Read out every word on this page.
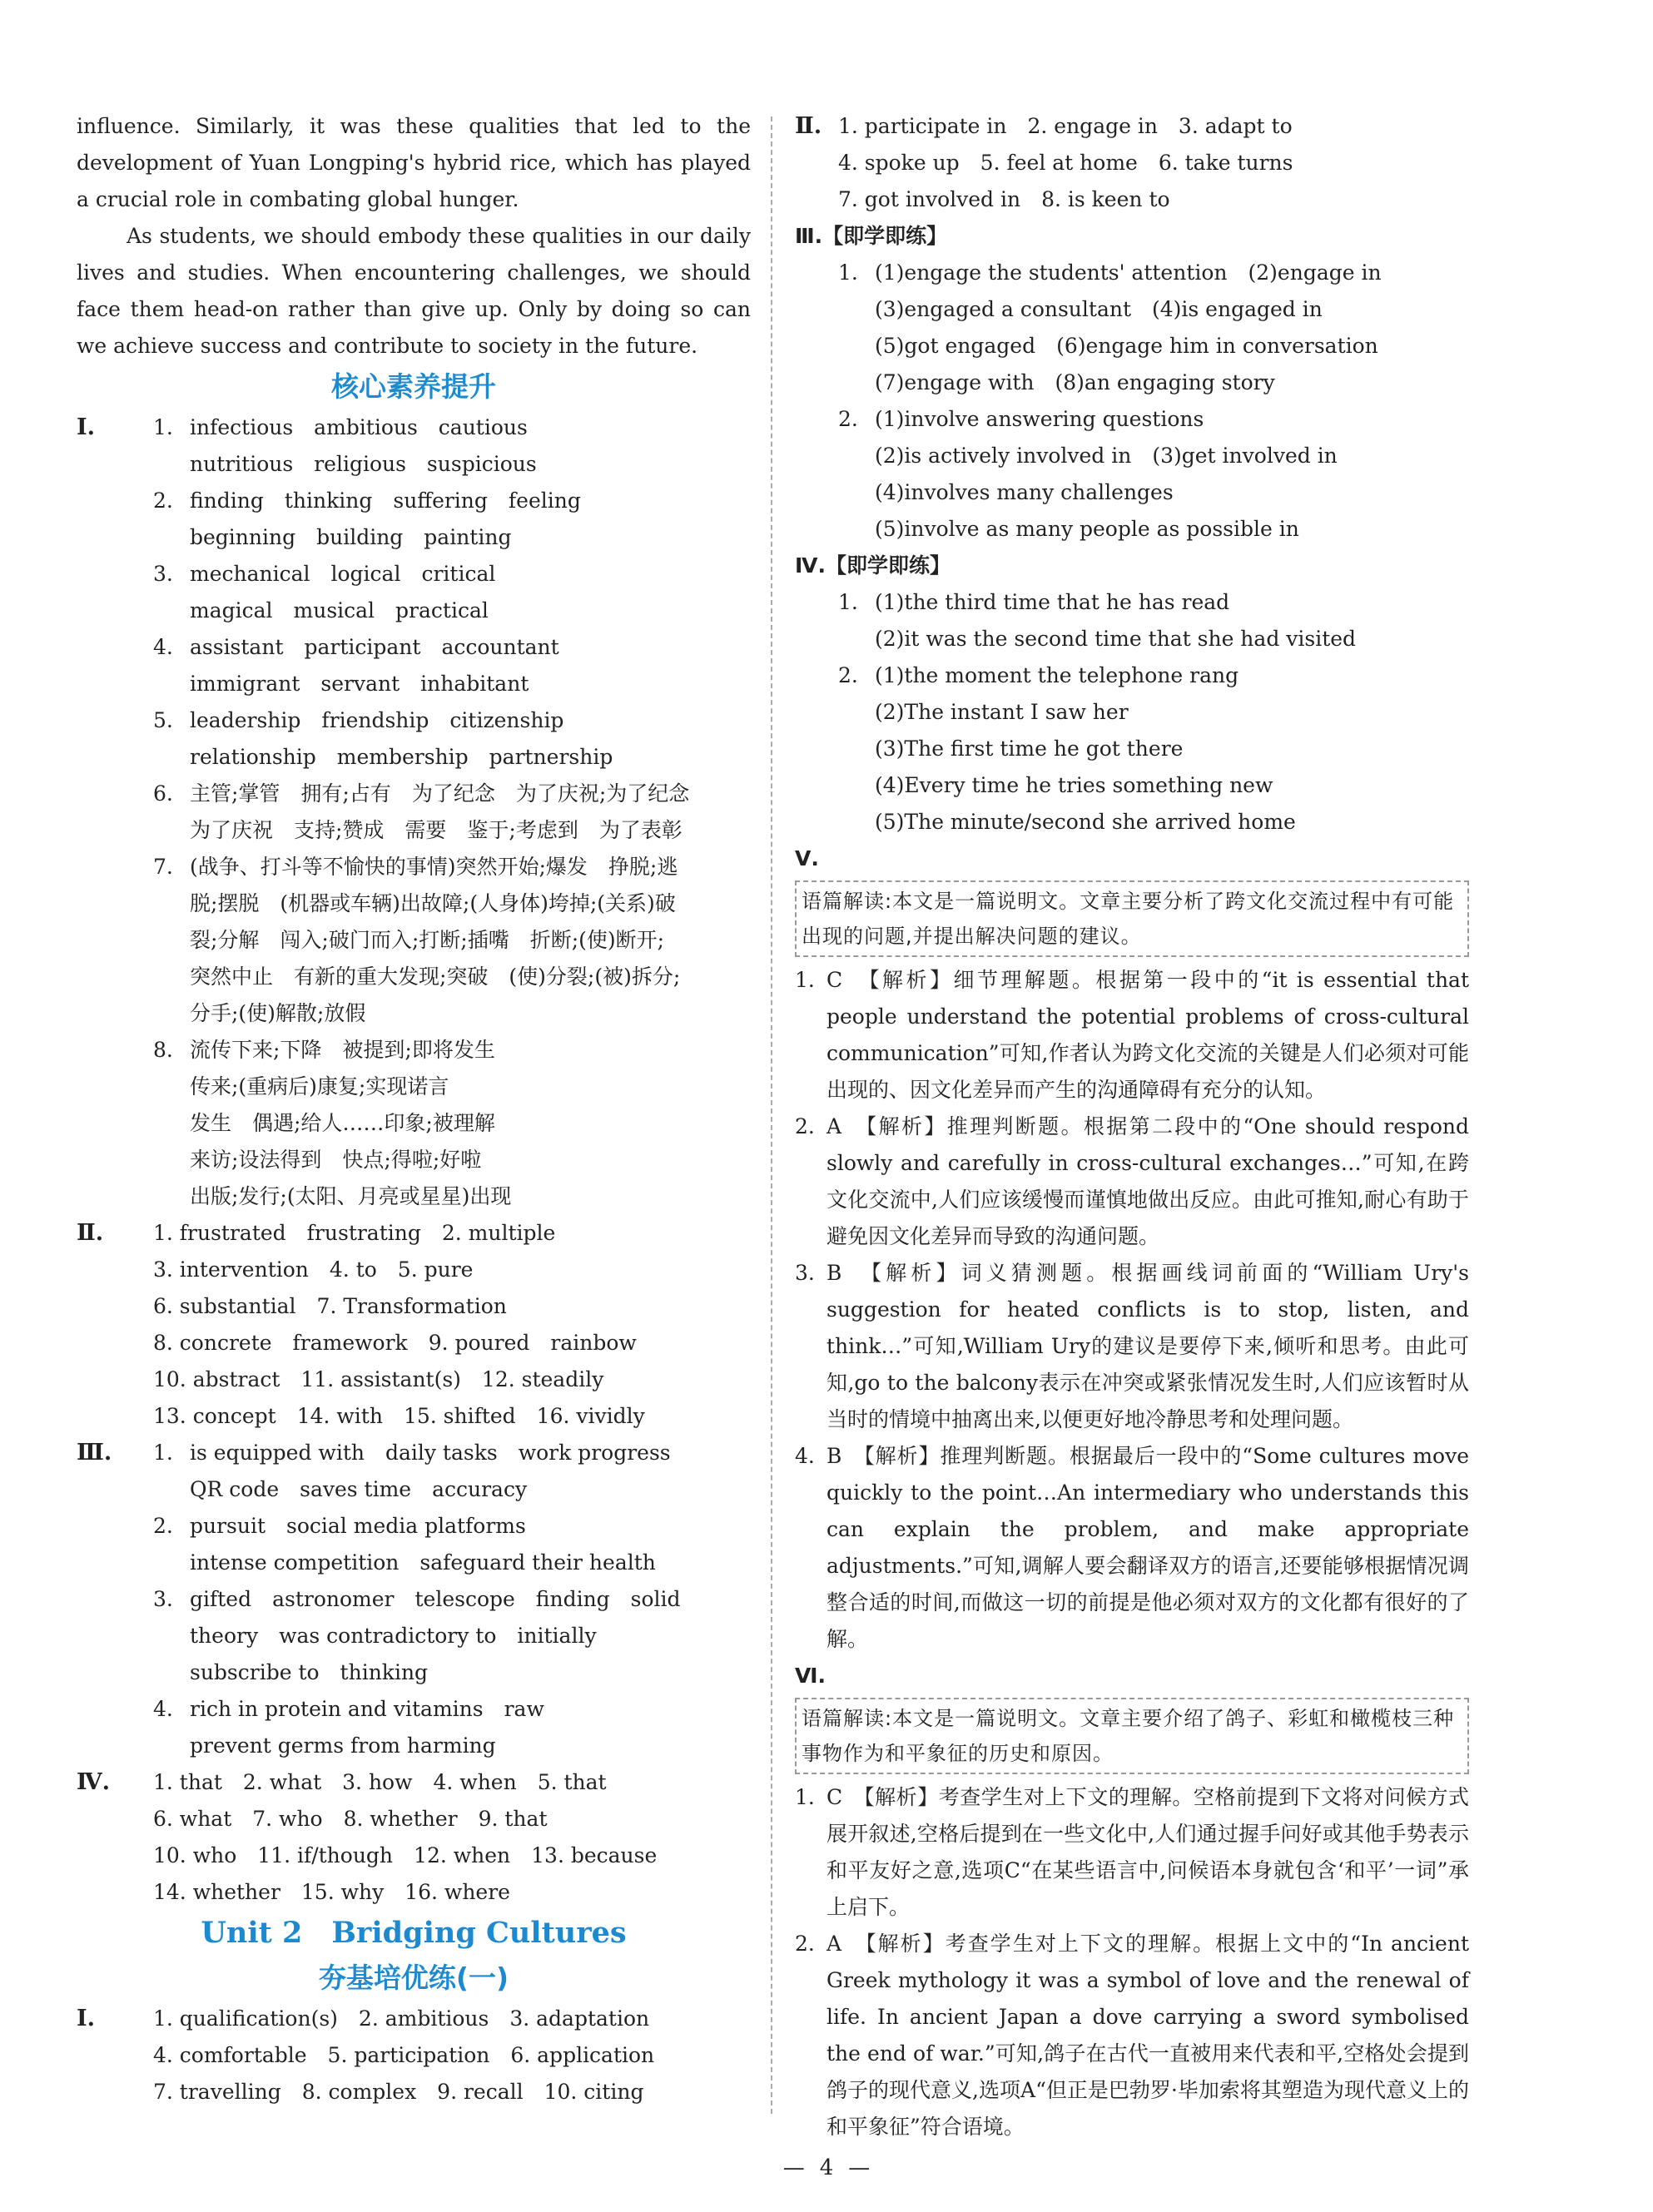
influence. Similarly, it was these qualities that led to the development of Yuan Longping's hybrid rice, which has played a crucial role in combating global hunger.

As students, we should embody these qualities in our daily lives and studies. When encountering challenges, we should face them head-on rather than give up. Only by doing so can we achieve success and contribute to society in the future.

核心素养提升

Ⅰ.	1. infectious　ambitious　cautious

nutritious　religious　suspicious

2. finding　thinking　suffering　feeling

beginning　building　painting

3. mechanical　logical　critical

magical　musical　practical

4. assistant　participant　accountant

immigrant　servant　inhabitant

5. leadership　friendship　citizenship

relationship　membership　partnership

6. 主管;掌管　拥有;占有　为了纪念　为了庆祝;为了纪念

为了庆祝　支持;赞成　需要　鉴于;考虑到　为了表彰

7. (战争、打斗等不愉快的事情)突然开始;爆发　挣脱;逃

脱;摆脱　(机器或车辆)出故障;(人身体)垮掉;(关系)破

裂;分解　闯入;破门而入;打断;插嘴　折断;(使)断开;

突然中止　有新的重大发现;突破　(使)分裂;(被)拆分;

分手;(使)解散;放假

8. 流传下来;下降　被提到;即将发生

传来;(重病后)康复;实现诺言

发生　偶遇;给人……印象;被理解

来访;设法得到　快点;得啦;好啦

出版;发行;(太阳、月亮或星星)出现

Ⅱ. 1. frustrated　frustrating　2. multiple

3. intervention　4. to　5. pure

6. substantial　7. Transformation

8. concrete　framework　9. poured　rainbow

10. abstract　11. assistant(s)　12. steadily

13. concept　14. with　15. shifted　16. vividly

Ⅲ. 1. is equipped with　daily tasks　work progress

QR code　saves time　accuracy

2. pursuit　social media platforms

intense competition　safeguard their health

3. gifted　astronomer　telescope　finding　solid

theory　was contradictory to　initially

subscribe to　thinking

4. rich in protein and vitamins　raw

prevent germs from harming

Ⅳ. 1. that　2. what　3. how　4. when　5. that

6. what　7. who　8. whether　9. that

10. who　11. if/though　12. when　13. because

14. whether　15. why　16. where

Unit 2　Bridging Cultures

夯基培优练(一)

Ⅰ.	1. qualification(s)　2. ambitious　3. adaptation

4. comfortable　5. participation　6. application

7. travelling　8. complex　9. recall　10. citing

Ⅱ. 1. participate in　2. engage in　3. adapt to

4. spoke up　5. feel at home　6. take turns

7. got involved in　8. is keen to

Ⅲ.【即学即练】

1. (1)engage the students' attention　(2)engage in

(3)engaged a consultant　(4)is engaged in

(5)got engaged　(6)engage him in conversation

(7)engage with　(8)an engaging story

2. (1)involve answering questions

(2)is actively involved in　(3)get involved in

(4)involves many challenges

(5)involve as many people as possible in

Ⅳ.【即学即练】

1. (1)the third time that he has read

(2)it was the second time that she had visited

2. (1)the moment the telephone rang

(2)The instant I saw her

(3)The first time he got there

(4)Every time he tries something new

(5)The minute/second she arrived home

Ⅴ.

语篇解读:本文是一篇说明文。文章主要分析了跨文化交流过程中有可能出现的问题,并提出解决问题的建议。

1. C　【解析】细节理解题。根据第一段中的“it is essential that people understand the potential problems of cross-cultural communication”可知,作者认为跨文化交流的关键是人们必须对可能出现的、因文化差异而产生的沟通障碍有充分的认知。

2. A　【解析】推理判断题。根据第二段中的“One should respond slowly and carefully in cross-cultural exchanges…”可知,在跨文化交流中,人们应该缓慢而谨慎地做出反应。由此可推知,耐心有助于避免因文化差异而导致的沟通问题。

3. B　【解析】词义猜测题。根据画线词前面的“William Ury's suggestion for heated conflicts is to stop, listen, and think…”可知,William Ury的建议是要停下来,倾听和思考。由此可知,go to the balcony表示在冲突或紧张情况发生时,人们应该暂时从当时的情境中抽离出来,以便更好地冷静思考和处理问题。

4. B　【解析】推理判断题。根据最后一段中的“Some cultures move quickly to the point…An intermediary who understands this can explain the problem, and make appropriate adjustments.”可知,调解人要会翻译双方的语言,还要能够根据情况调整合适的时间,而做这一切的前提是他必须对双方的文化都有很好的了解。

Ⅵ.

语篇解读:本文是一篇说明文。文章主要介绍了鸽子、彩虹和橄榄枝三种事物作为和平象征的历史和原因。

1. C　【解析】考查学生对上下文的理解。空格前提到下文将对问候方式展开叙述,空格后提到在一些文化中,人们通过握手问好或其他手势表示和平友好之意,选项C“在某些语言中,问候语本身就包含‘和平’一词”承上启下。

2. A　【解析】考查学生对上下文的理解。根据上文中的“In ancient Greek mythology it was a symbol of love and the renewal of life. In ancient Japan a dove carrying a sword symbolised the end of war.”可知,鸽子在古代一直被用来代表和平,空格处会提到鸽子的现代意义,选项A“但正是巴勃罗·毕加索将其塑造为现代意义上的和平象征”符合语境。

— 4 —
